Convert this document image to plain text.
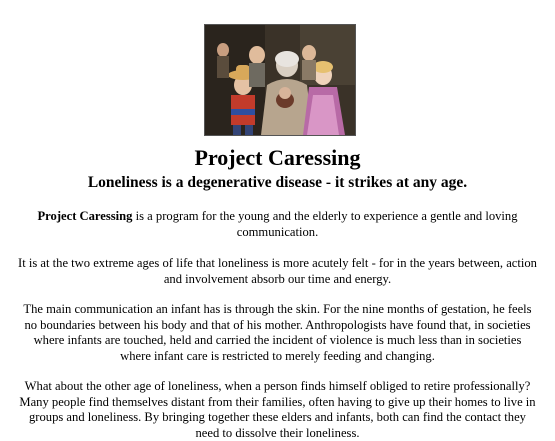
Project Caressing
Loneliness is a degenerative disease - it strikes at any age.
Project Caressing is a program for the young and the elderly to experience a gentle and loving communication.
It is at the two extreme ages of life that loneliness is more acutely felt - for in the years between, action and involvement absorb our time and energy.
The main communication an infant has is through the skin. For the nine months of gestation, he feels no boundaries between his body and that of his mother. Anthropologists have found that, in societies where infants are touched, held and carried the incident of violence is much less than in societies where infant care is restricted to merely feeding and changing.
What about the other age of loneliness, when a person finds himself obliged to retire professionally? Many people find themselves distant from their families, often having to give up their homes to live in groups and loneliness. By bringing together these elders and infants, both can find the contact they need to dissolve their loneliness.
